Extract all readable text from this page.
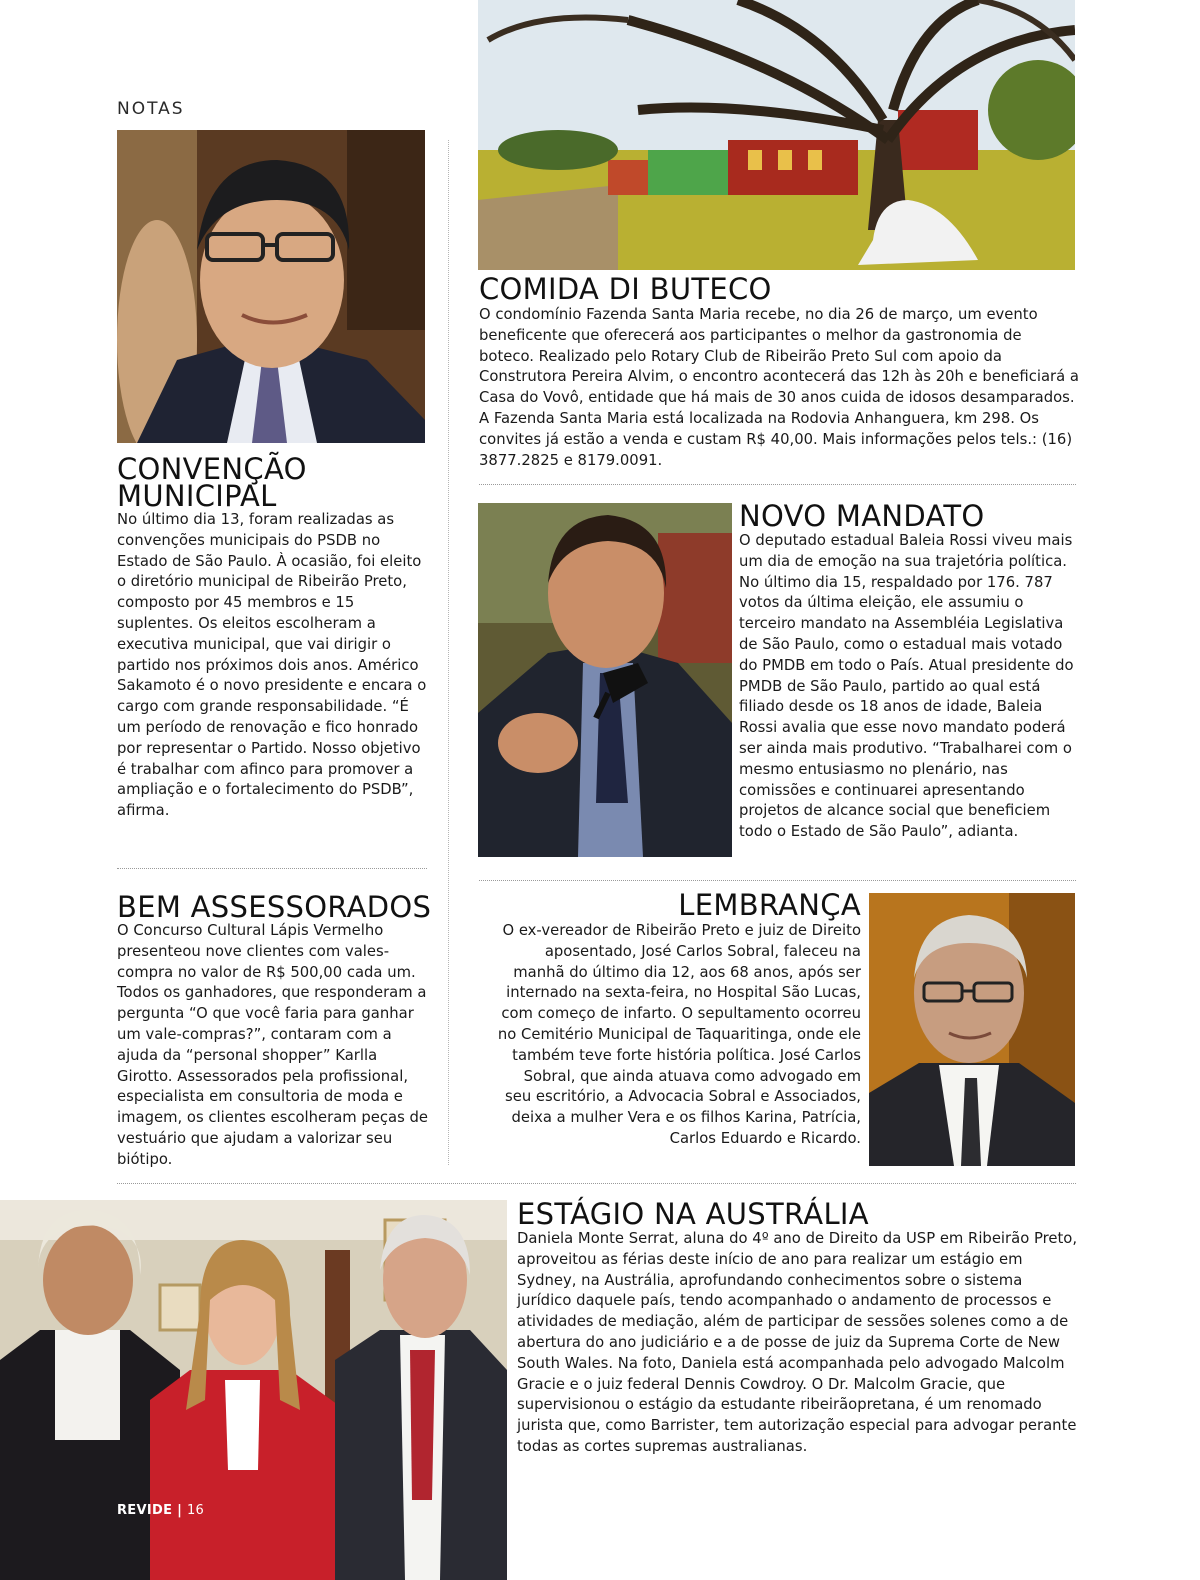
NOTAS
CONVENÇÃO
MUNICIPAL

No último dia 13, foram realizadas as convenções municipais do PSDB no Estado de São Paulo. À ocasião, foi eleito o diretório municipal de Ribeirão Preto, composto por 45 membros e 15 suplentes. Os eleitos escolheram a executiva municipal, que vai dirigir o partido nos próximos dois anos. Américo Sakamoto é o novo presidente e encara o cargo com grande responsabilidade. “É um período de renovação e fico honrado por representar o Partido. Nosso objetivo é trabalhar com afinco para promover a ampliação e o fortalecimento do PSDB”, afirma.

BEM ASSESSORADOS

O Concurso Cultural Lápis Vermelho presenteou nove clientes com vales-compra no valor de R$ 500,00 cada um. Todos os ganhadores, que responderam a pergunta “O que você faria para ganhar um vale-compras?”, contaram com a ajuda da “personal shopper” Karlla Girotto. Assessorados pela profissional, especialista em consultoria de moda e imagem, os clientes escolheram peças de vestuário que ajudam a valorizar seu biótipo.

COMIDA DI BUTECO

O condomínio Fazenda Santa Maria recebe, no dia 26 de março, um evento beneficente que oferecerá aos participantes o melhor da gastronomia de boteco. Realizado pelo Rotary Club de Ribeirão Preto Sul com apoio da Construtora Pereira Alvim, o encontro acontecerá das 12h às 20h e beneficiará a Casa do Vovô, entidade que há mais de 30 anos cuida de idosos desamparados. A Fazenda Santa Maria está localizada na Rodovia Anhanguera, km 298. Os convites já estão a venda e custam R$ 40,00. Mais informações pelos tels.: (16) 3877.2825 e 8179.0091.

NOVO MANDATO

O deputado estadual Baleia Rossi viveu mais um dia de emoção na sua trajetória política. No último dia 15, respaldado por 176. 787 votos da última eleição, ele assumiu o terceiro mandato na Assembléia Legislativa de São Paulo, como o estadual mais votado do PMDB em todo o País. Atual presidente do PMDB de São Paulo, partido ao qual está filiado desde os 18 anos de idade, Baleia Rossi avalia que esse novo mandato poderá ser ainda mais produtivo. “Trabalharei com o mesmo entusiasmo no plenário, nas comissões e continuarei apresentando projetos de alcance social que beneficiem todo o Estado de São Paulo”, adianta.

LEMBRANÇA

O ex-vereador de Ribeirão Preto e juiz de Direito aposentado, José Carlos Sobral, faleceu na manhã do último dia 12, aos 68 anos, após ser internado na sexta-feira, no Hospital São Lucas, com começo de infarto. O sepultamento ocorreu no Cemitério Municipal de Taquaritinga, onde ele também teve forte história política. José Carlos Sobral, que ainda atuava como advogado em seu escritório, a Advocacia Sobral e Associados, deixa a mulher Vera e os filhos Karina, Patrícia, Carlos Eduardo e Ricardo.

ESTÁGIO NA AUSTRÁLIA

Daniela Monte Serrat, aluna do 4º ano de Direito da USP em Ribeirão Preto, aproveitou as férias deste início de ano para realizar um estágio em Sydney, na Austrália, aprofundando conhecimentos sobre o sistema jurídico daquele país, tendo acompanhado o andamento de processos e atividades de mediação, além de participar de sessões solenes como a de abertura do ano judiciário e a de posse de juiz da Suprema Corte de New South Wales. Na foto, Daniela está acompanhada pelo advogado Malcolm Gracie e o juiz federal Dennis Cowdroy. O Dr. Malcolm Gracie, que supervisionou o estágio da estudante ribeirãopretana, é um renomado jurista que, como Barrister, tem autorização especial para advogar perante todas as cortes supremas australianas.

REVIDE | 16
